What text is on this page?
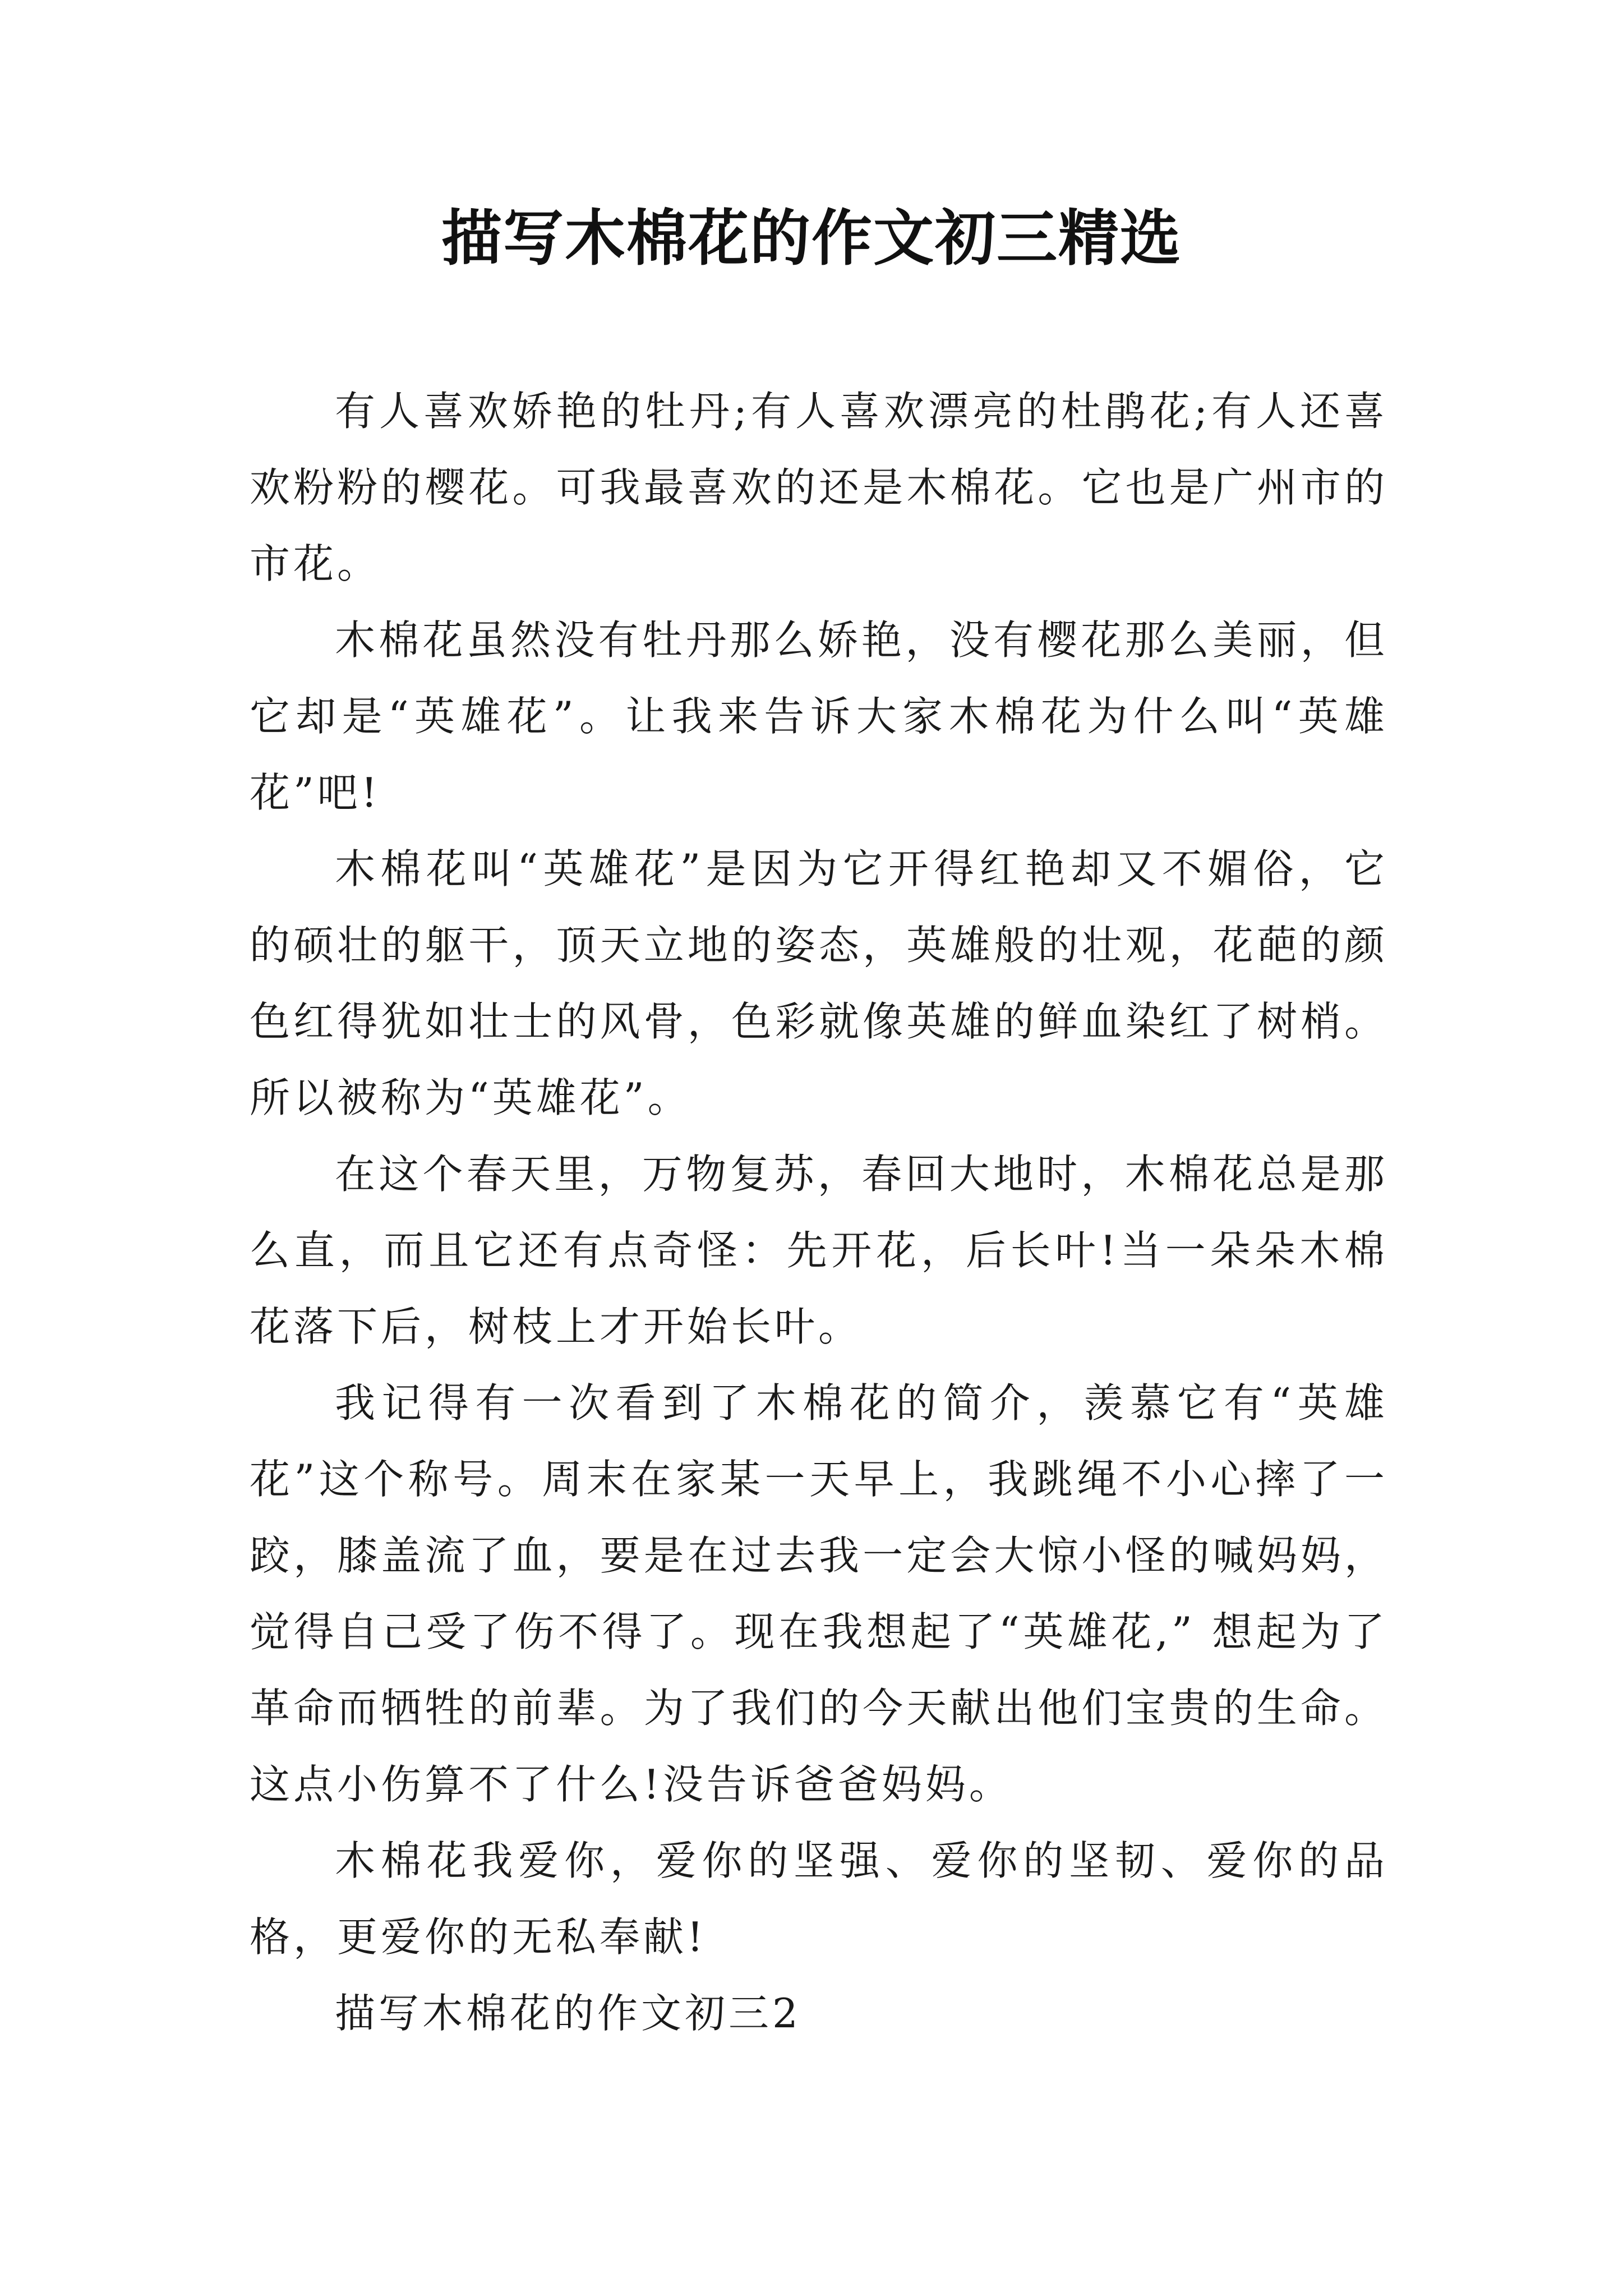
描写木棉花的作文初三精选

有人喜欢娇艳的牡丹;有人喜欢漂亮的杜鹃花;有人还喜欢粉粉的樱花。可我最喜欢的还是木棉花。它也是广州市的市花。

木棉花虽然没有牡丹那么娇艳，没有樱花那么美丽，但它却是“英雄花”。让我来告诉大家木棉花为什么叫“英雄花”吧!

木棉花叫“英雄花”是因为它开得红艳却又不媚俗，它的硕壮的躯干，顶天立地的姿态，英雄般的壮观，花葩的颜色红得犹如壮士的风骨，色彩就像英雄的鲜血染红了树梢。所以被称为“英雄花”。

在这个春天里，万物复苏，春回大地时，木棉花总是那么直，而且它还有点奇怪：先开花，后长叶!当一朵朵木棉花落下后，树枝上才开始长叶。

我记得有一次看到了木棉花的简介，羡慕它有“英雄花”这个称号。周末在家某一天早上，我跳绳不小心摔了一跤，膝盖流了血，要是在过去我一定会大惊小怪的喊妈妈，觉得自己受了伤不得了。现在我想起了“英雄花,” 想起为了革命而牺牲的前辈。为了我们的今天献出他们宝贵的生命。这点小伤算不了什么!没告诉爸爸妈妈。

木棉花我爱你，爱你的坚强、爱你的坚韧、爱你的品格，更爱你的无私奉献!

描写木棉花的作文初三2
